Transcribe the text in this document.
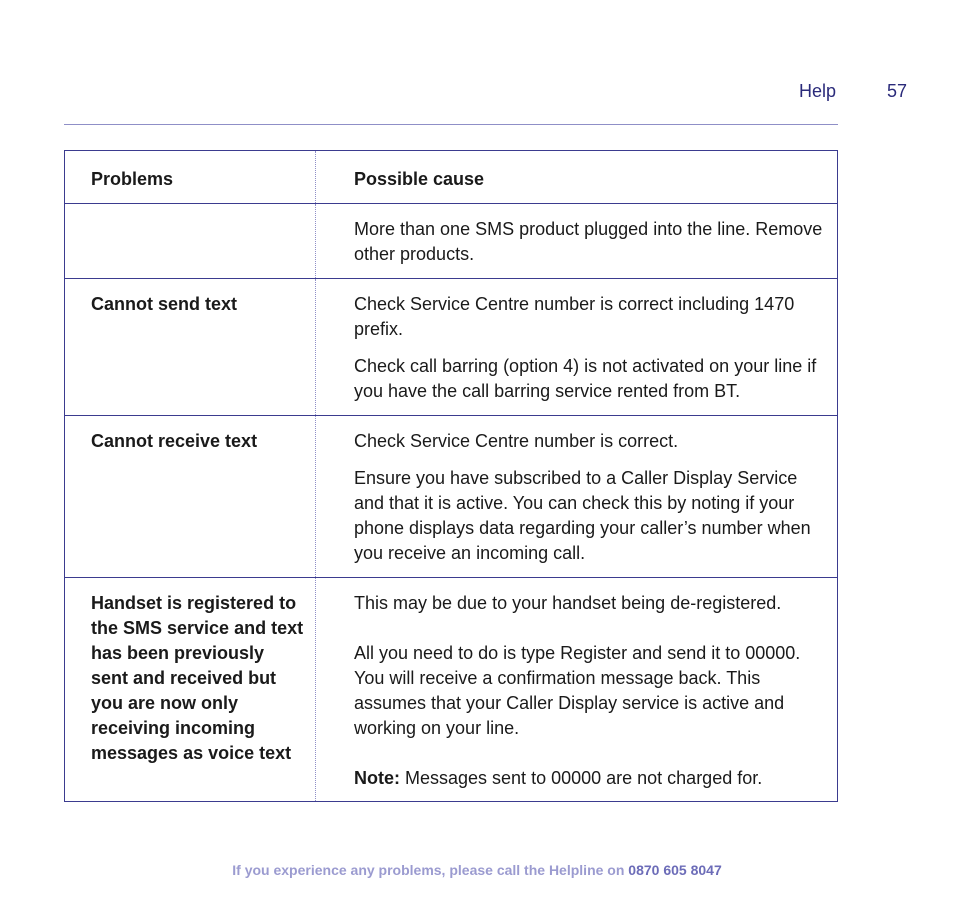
Help	57
Problems	Possible cause

	More than one SMS product plugged into the line. Remove other products.

Cannot send text	Check Service Centre number is correct including 1470 prefix.

Check call barring (option 4) is not activated on your line if you have the call barring service rented from BT.

Cannot receive text	Check Service Centre number is correct.

Ensure you have subscribed to a Caller Display Service and that it is active. You can check this by noting if your phone displays data regarding your caller’s number when you receive an incoming call.

Handset is registered to the SMS service and text has been previously sent and received but you are now only receiving incoming messages as voice text	This may be due to your handset being de-registered.

All you need to do is type Register and send it to 00000. You will receive a confirmation message back. This assumes that your Caller Display service is active and working on your line.

Note: Messages sent to 00000 are not charged for.

If you experience any problems, please call the Helpline on 0870 605 8047
